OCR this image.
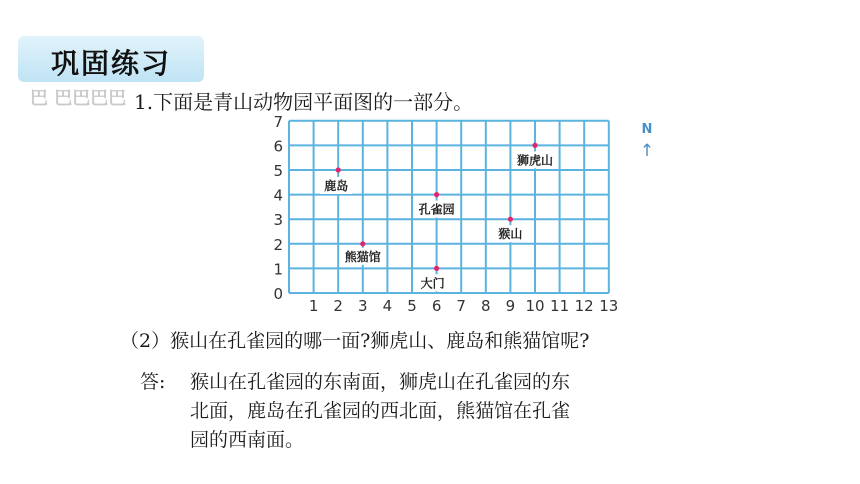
巩固练习
巴 巴巴巴巴 1.下面是青山动物园平面图的一部分。
1 2 3 4 5 6 7 8 9 10 11 12 13
0
1
2
3
4
5
6
7
鹿岛
孔雀园
狮虎山
猴山
熊猫馆
大门
N
↑
（2）猴山在孔雀园的哪一面?狮虎山、鹿岛和熊猫馆呢?
答: 猴山在孔雀园的东南面，狮虎山在孔雀园的东
北面，鹿岛在孔雀园的西北面，熊猫馆在孔雀
园的西南面。
